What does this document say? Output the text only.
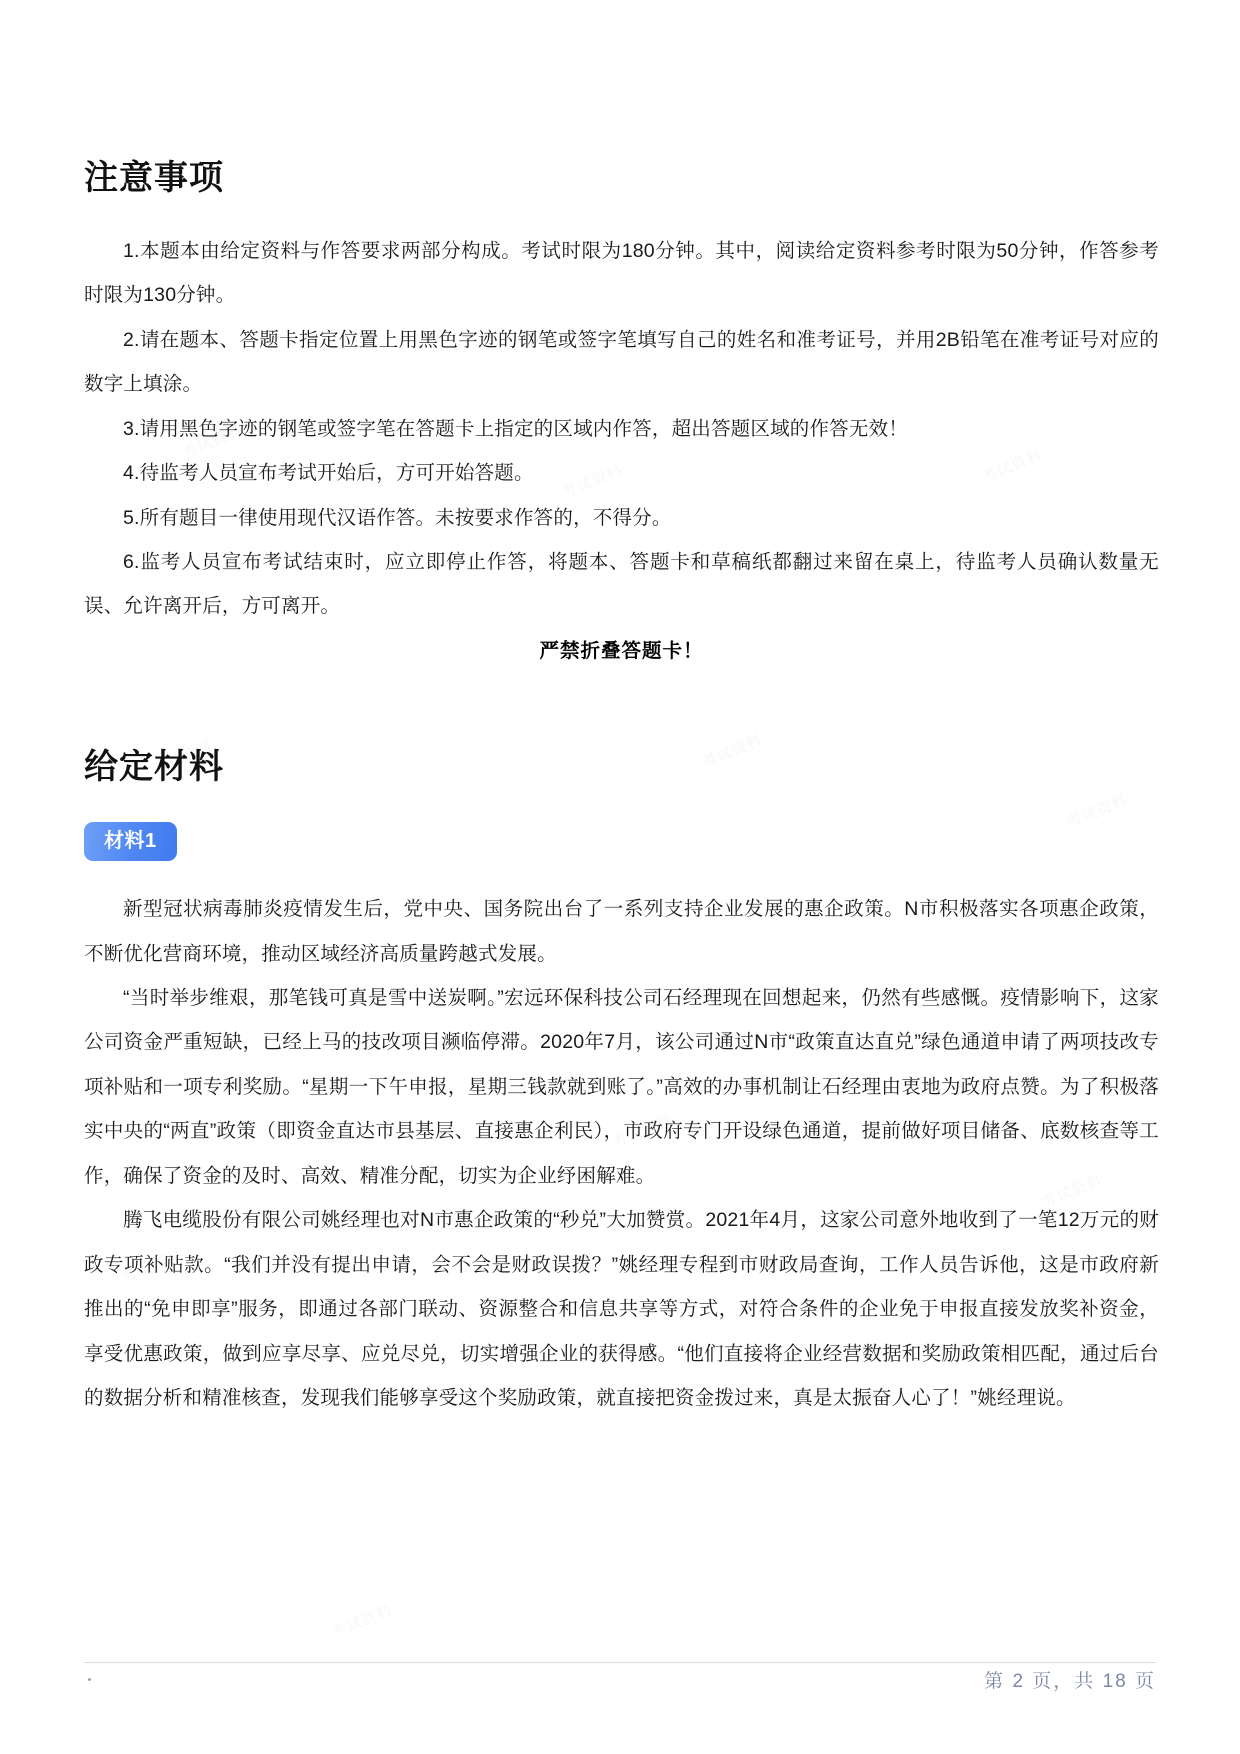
注意事项

1.本题本由给定资料与作答要求两部分构成。考试时限为180分钟。其中，阅读给定资料参考时限为50分钟，作答参考时限为130分钟。

2.请在题本、答题卡指定位置上用黑色字迹的钢笔或签字笔填写自己的姓名和准考证号，并用2B铅笔在准考证号对应的数字上填涂。

3.请用黑色字迹的钢笔或签字笔在答题卡上指定的区域内作答，超出答题区域的作答无效！

4.待监考人员宣布考试开始后，方可开始答题。

5.所有题目一律使用现代汉语作答。未按要求作答的，不得分。

6.监考人员宣布考试结束时，应立即停止作答，将题本、答题卡和草稿纸都翻过来留在桌上，待监考人员确认数量无误、允许离开后，方可离开。

严禁折叠答题卡！

给定材料
材料1

新型冠状病毒肺炎疫情发生后，党中央、国务院出台了一系列支持企业发展的惠企政策。N市积极落实各项惠企政策，不断优化营商环境，推动区域经济高质量跨越式发展。

“当时举步维艰，那笔钱可真是雪中送炭啊。”宏远环保科技公司石经理现在回想起来，仍然有些感慨。疫情影响下，这家公司资金严重短缺，已经上马的技改项目濒临停滞。2020年7月，该公司通过N市“政策直达直兑”绿色通道申请了两项技改专项补贴和一项专利奖励。“星期一下午申报，星期三钱款就到账了。”高效的办事机制让石经理由衷地为政府点赞。为了积极落实中央的“两直”政策（即资金直达市县基层、直接惠企利民），市政府专门开设绿色通道，提前做好项目储备、底数核查等工作，确保了资金的及时、高效、精准分配，切实为企业纾困解难。

腾飞电缆股份有限公司姚经理也对N市惠企政策的“秒兑”大加赞赏。2021年4月，这家公司意外地收到了一笔12万元的财政专项补贴款。“我们并没有提出申请，会不会是财政误拨？”姚经理专程到市财政局查询，工作人员告诉他，这是市政府新推出的“免申即享”服务，即通过各部门联动、资源整合和信息共享等方式，对符合条件的企业免于申报直接发放奖补资金，享受优惠政策，做到应享尽享、应兑尽兑，切实增强企业的获得感。“他们直接将企业经营数据和奖励政策相匹配，通过后台的数据分析和精准核查，发现我们能够享受这个奖励政策，就直接把资金拨过来，真是太振奋人心了！”姚经理说。

第 2 页，共 18 页
